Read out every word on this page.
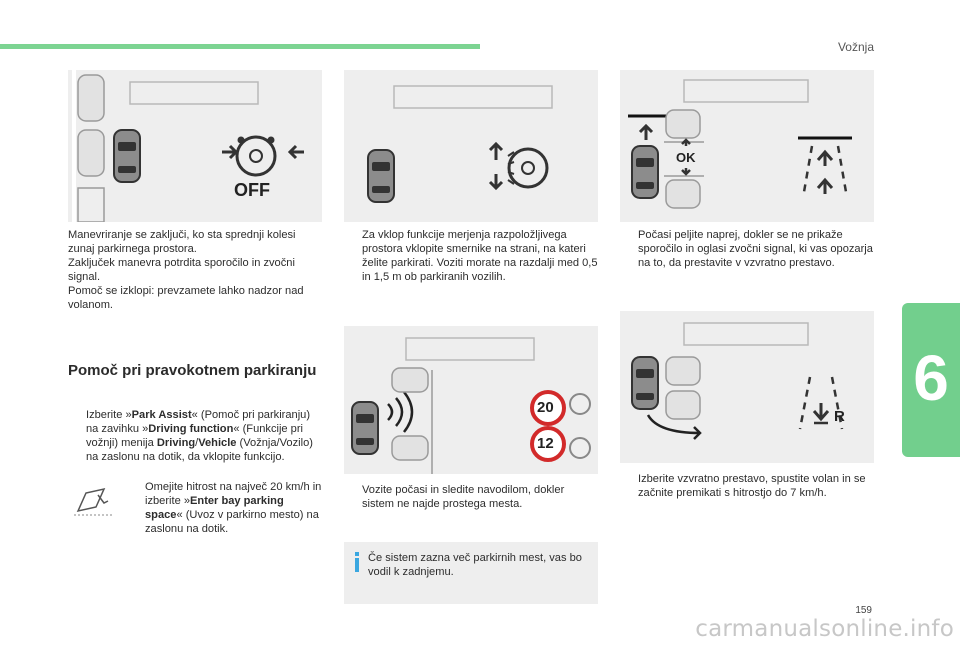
Vožnja
6
159
carmanualsonline.info
OFF
OK
20
12
R
Manevriranje se zaključi, ko sta sprednji kolesi zunaj parkirnega prostora.
Zaključek manevra potrdita sporočilo in zvočni signal.
Pomoč se izklopi: prevzamete lahko nadzor nad volanom.
Pomoč pri pravokotnem parkiranju
Izberite »Park Assist« (Pomoč pri parkiranju) na zavihku »Driving function« (Funkcije pri vožnji) menija Driving/Vehicle (Vožnja/Vozilo) na zaslonu na dotik, da vklopite funkcijo.
Omejite hitrost na največ 20 km/h in izberite »Enter bay parking space« (Uvoz v parkirno mesto) na zaslonu na dotik.
Za vklop funkcije merjenja razpoložljivega prostora vklopite smernike na strani, na kateri želite parkirati. Voziti morate na razdalji med 0,5 in 1,5 m ob parkiranih vozilih.
Vozite počasi in sledite navodilom, dokler sistem ne najde prostega mesta.
Če sistem zazna več parkirnih mest, vas bo vodil k zadnjemu.
Počasi peljite naprej, dokler se ne prikaže sporočilo in oglasi zvočni signal, ki vas opozarja na to, da prestavite v vzvratno prestavo.
Izberite vzvratno prestavo, spustite volan in se začnite premikati s hitrostjo do 7 km/h.
